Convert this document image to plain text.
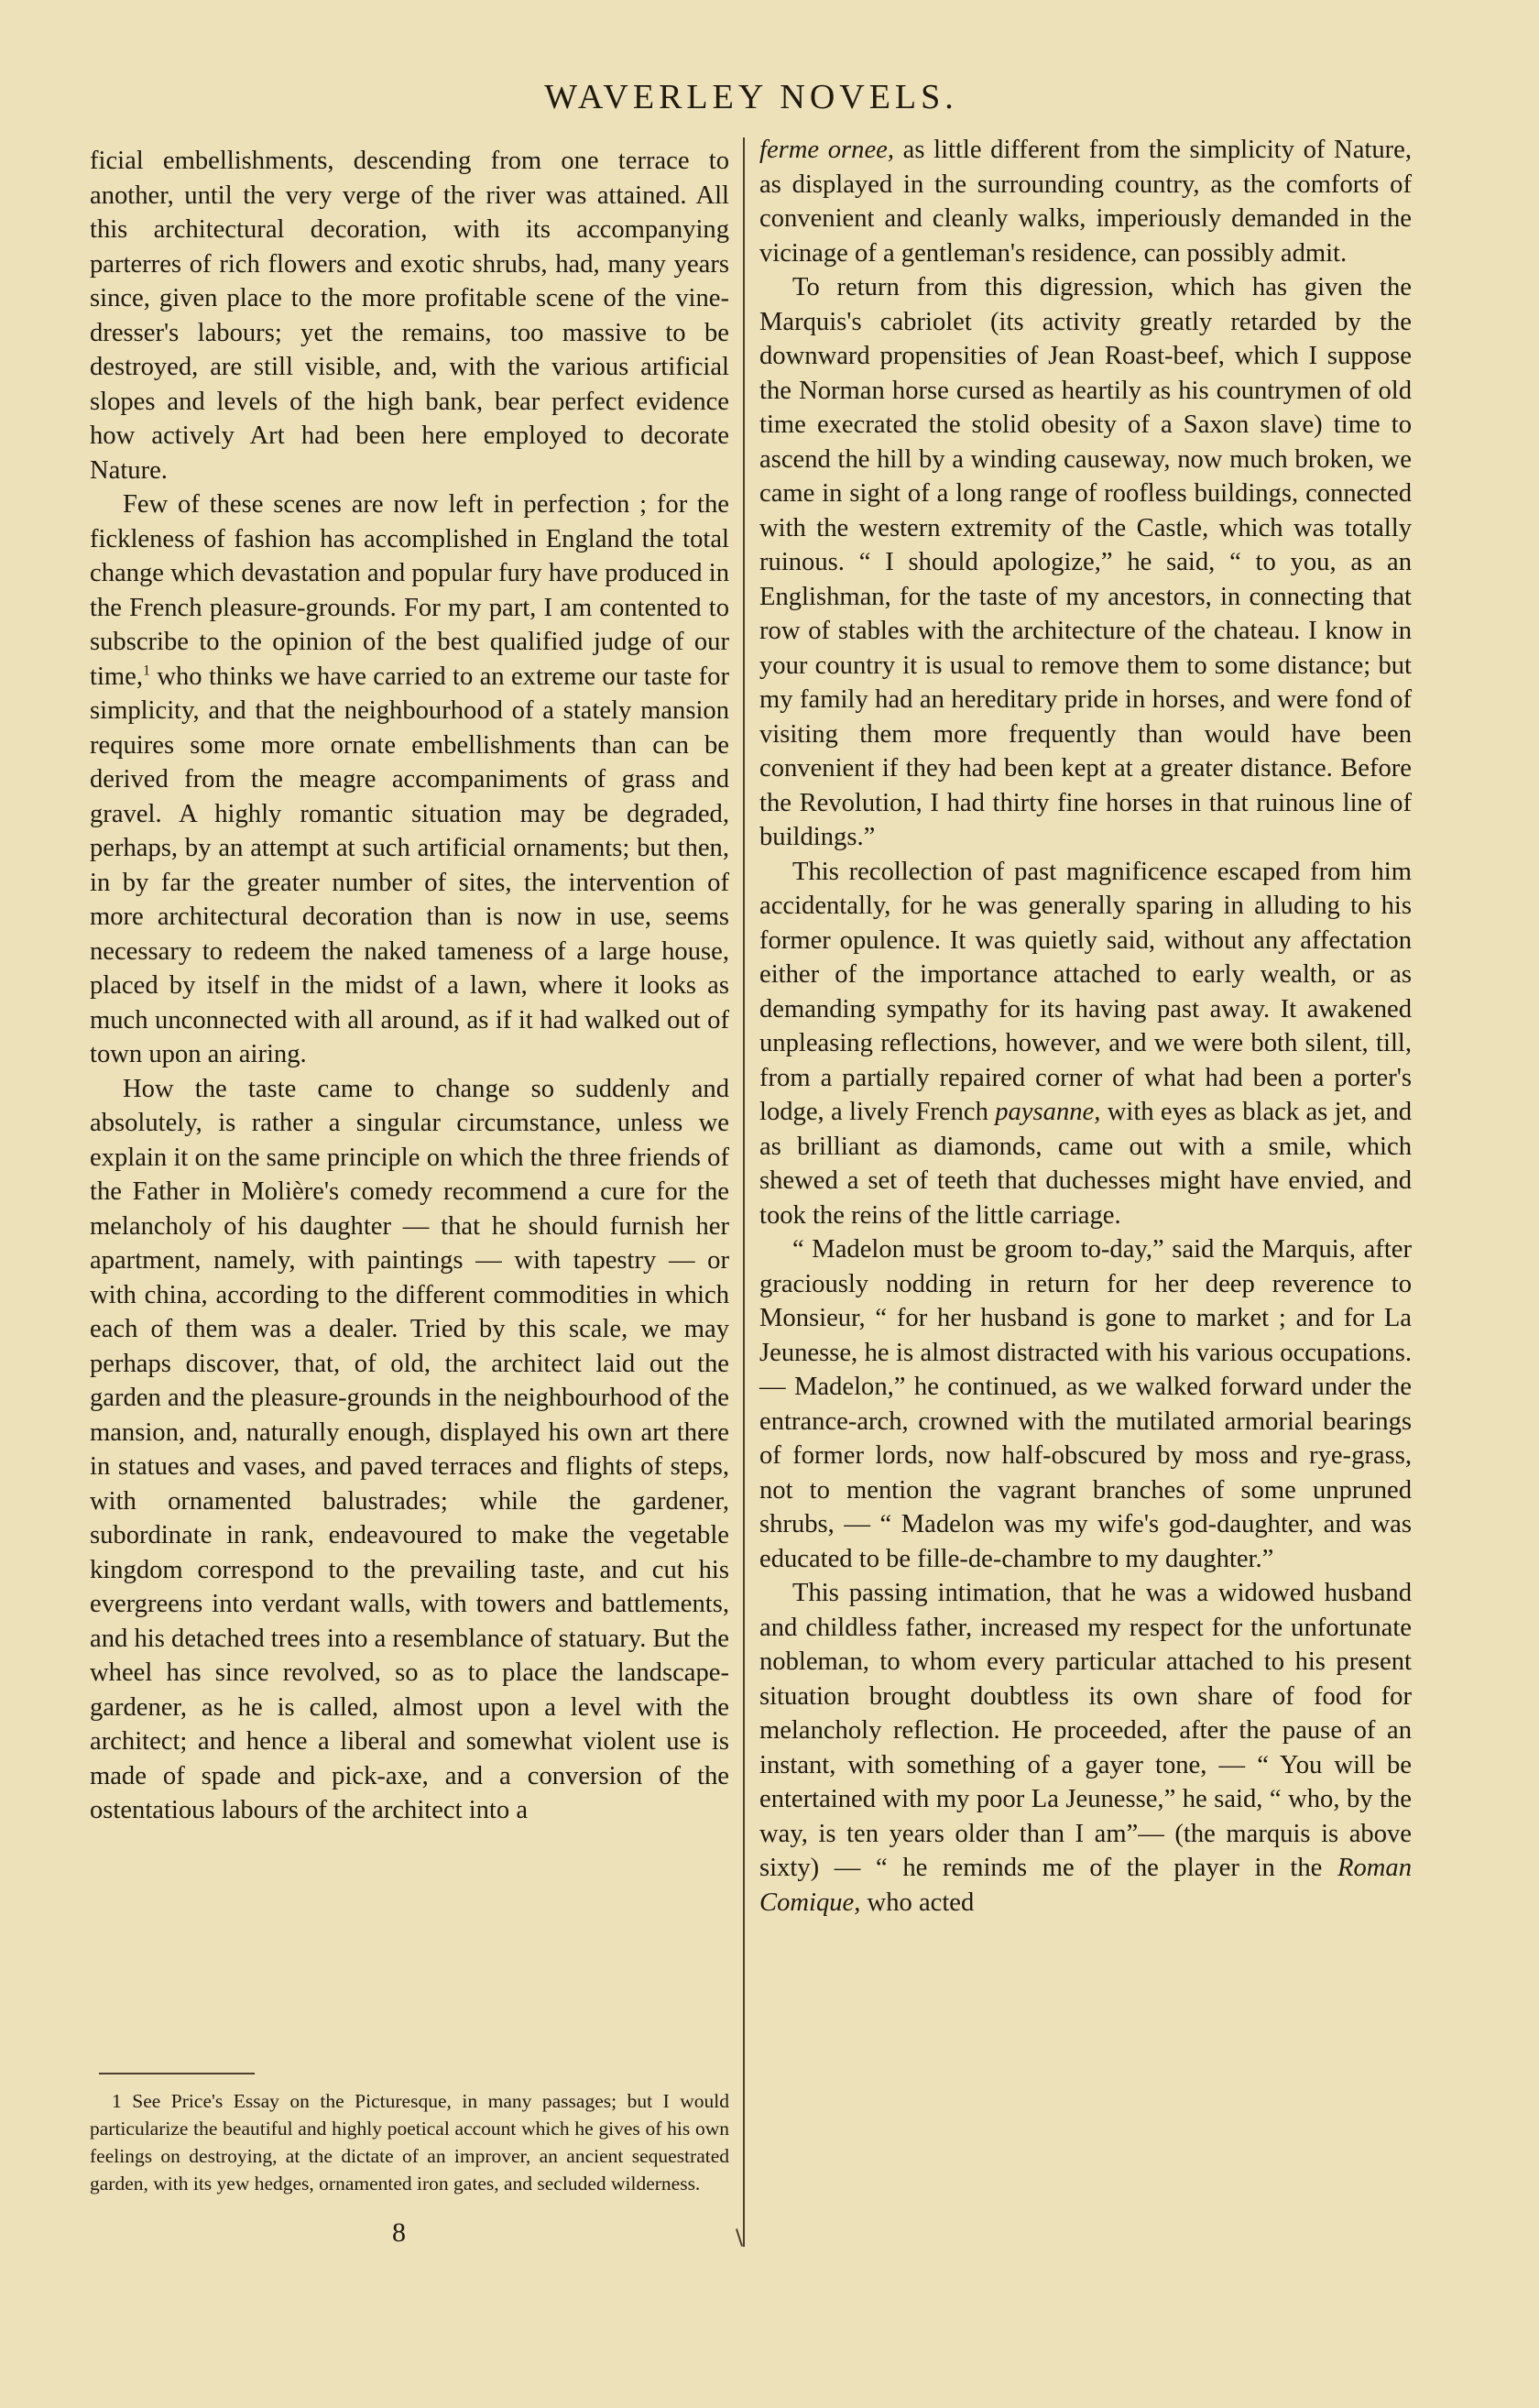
WAVERLEY NOVELS.

ficial embellishments, descending from one terrace to another, until the very verge of the river was attained. All this architectural decoration, with its accompanying parterres of rich flowers and exotic shrubs, had, many years since, given place to the more profitable scene of the vine-dresser's labours; yet the remains, too massive to be destroyed, are still visible, and, with the various artificial slopes and levels of the high bank, bear perfect evidence how actively Art had been here employed to decorate Nature.

Few of these scenes are now left in perfection ; for the fickleness of fashion has accomplished in England the total change which devastation and popular fury have produced in the French pleasure-grounds. For my part, I am contented to subscribe to the opinion of the best qualified judge of our time,$^1$ who thinks we have carried to an extreme our taste for simplicity, and that the neighbourhood of a stately mansion requires some more ornate embellishments than can be derived from the meagre accompaniments of grass and gravel. A highly romantic situation may be degraded, perhaps, by an attempt at such artificial ornaments; but then, in by far the greater number of sites, the intervention of more architectural decoration than is now in use, seems necessary to redeem the naked tameness of a large house, placed by itself in the midst of a lawn, where it looks as much unconnected with all around, as if it had walked out of town upon an airing.

How the taste came to change so suddenly and absolutely, is rather a singular circumstance, unless we explain it on the same principle on which the three friends of the Father in Molière's comedy recommend a cure for the melancholy of his daughter — that he should furnish her apartment, namely, with paintings — with tapestry — or with china, according to the different commodities in which each of them was a dealer. Tried by this scale, we may perhaps discover, that, of old, the architect laid out the garden and the pleasure-grounds in the neighbourhood of the mansion, and, naturally enough, displayed his own art there in statues and vases, and paved terraces and flights of steps, with ornamented balustrades; while the gardener, subordinate in rank, endeavoured to make the vegetable kingdom correspond to the prevailing taste, and cut his evergreens into verdant walls, with towers and battlements, and his detached trees into a resemblance of statuary. But the wheel has since revolved, so as to place the landscape-gardener, as he is called, almost upon a level with the architect; and hence a liberal and somewhat violent use is made of spade and pick-axe, and a conversion of the ostentatious labours of the architect into a

ferme ornee, as little different from the simplicity of Nature, as displayed in the surrounding country, as the comforts of convenient and cleanly walks, imperiously demanded in the vicinage of a gentleman's residence, can possibly admit.

To return from this digression, which has given the Marquis's cabriolet (its activity greatly retarded by the downward propensities of Jean Roast-beef, which I suppose the Norman horse cursed as heartily as his countrymen of old time execrated the stolid obesity of a Saxon slave) time to ascend the hill by a winding causeway, now much broken, we came in sight of a long range of roofless buildings, connected with the western extremity of the Castle, which was totally ruinous. “ I should apologize,” he said, “ to you, as an Englishman, for the taste of my ancestors, in connecting that row of stables with the architecture of the chateau. I know in your country it is usual to remove them to some distance; but my family had an hereditary pride in horses, and were fond of visiting them more frequently than would have been convenient if they had been kept at a greater distance. Before the Revolution, I had thirty fine horses in that ruinous line of buildings.”

This recollection of past magnificence escaped from him accidentally, for he was generally sparing in alluding to his former opulence. It was quietly said, without any affectation either of the importance attached to early wealth, or as demanding sympathy for its having past away. It awakened unpleasing reflections, however, and we were both silent, till, from a partially repaired corner of what had been a porter's lodge, a lively French paysanne, with eyes as black as jet, and as brilliant as diamonds, came out with a smile, which shewed a set of teeth that duchesses might have envied, and took the reins of the little carriage.

“ Madelon must be groom to-day,” said the Marquis, after graciously nodding in return for her deep reverence to Monsieur, “ for her husband is gone to market ; and for La Jeunesse, he is almost distracted with his various occupations. — Madelon,” he continued, as we walked forward under the entrance-arch, crowned with the mutilated armorial bearings of former lords, now half-obscured by moss and rye-grass, not to mention the vagrant branches of some unpruned shrubs, — “ Madelon was my wife's god-daughter, and was educated to be fille-de-chambre to my daughter.”

This passing intimation, that he was a widowed husband and childless father, increased my respect for the unfortunate nobleman, to whom every particular attached to his present situation brought doubtless its own share of food for melancholy reflection. He proceeded, after the pause of an instant, with something of a gayer tone, — “ You will be entertained with my poor La Jeunesse,” he said, “ who, by the way, is ten years older than I am”— (the marquis is above sixty) — “ he reminds me of the player in the Roman Comique, who acted

1 See Price's Essay on the Picturesque, in many passages; but I would particularize the beautiful and highly poetical account which he gives of his own feelings on destroying, at the dictate of an improver, an ancient sequestrated garden, with its yew hedges, ornamented iron gates, and secluded wilderness.

8
